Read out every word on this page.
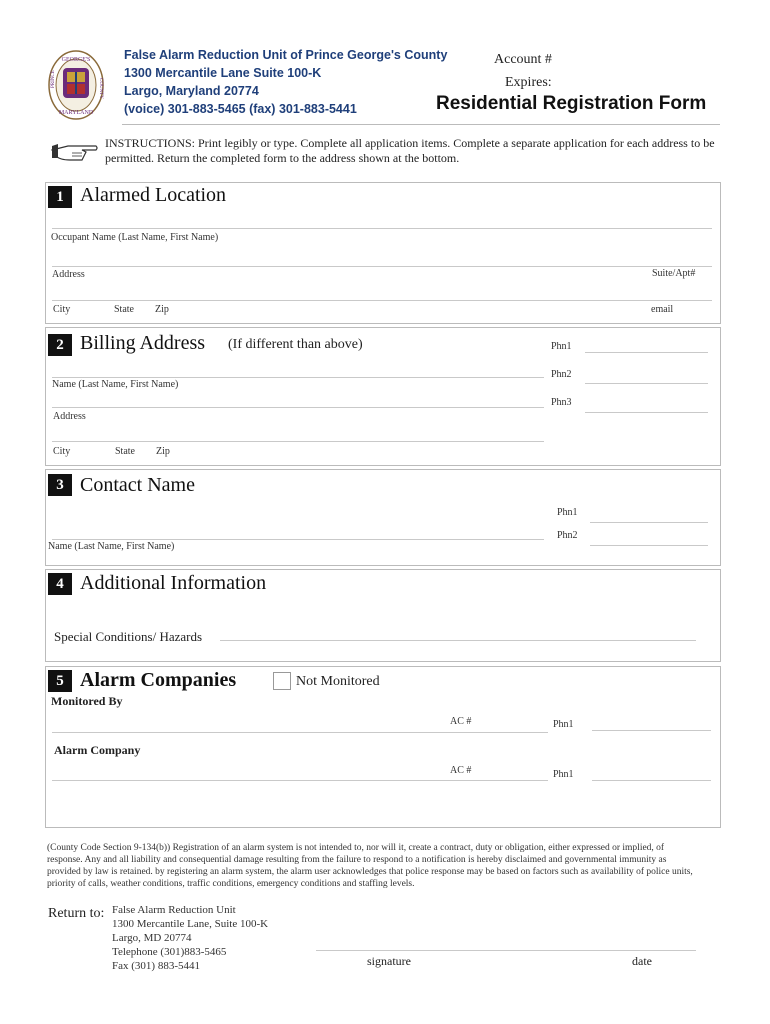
GEORGE'S
MARYLAND
PRINCE	COUNTY
False Alarm Reduction Unit of Prince George's County
1300 Mercantile Lane Suite 100-K
Largo, Maryland 20774
(voice) 301-883-5465 (fax) 301-883-5441
Account #
Expires:
Residential Registration Form
INSTRUCTIONS: Print legibly or type. Complete all application items. Complete a separate application for each address to be permitted. Return the completed form to the address shown at the bottom.
1 Alarmed Location
Occupant Name (Last Name, First Name)
Address	Suite/Apt#
City	State Zip	email
2 Billing Address (If different than above)	Phn1
Phn2
Phn3
Name (Last Name, First Name)
Address
City	State Zip
3 Contact Name
Phn1
Phn2
Name (Last Name, First Name)
4 Additional Information
Special Conditions/ Hazards
5 Alarm Companies	Not Monitored
Monitored By
AC #	Phn1
Alarm Company
AC #	Phn1
(County Code Section 9-134(b)) Registration of an alarm system is not intended to, nor will it, create a contract, duty or obligation, either expressed or implied, of response. Any and all liability and consequential damage resulting from the failure to respond to a notification is hereby disclaimed and governmental immunity as provided by law is retained. by registering an alarm system, the alarm user acknowledges that police response may be based on factors such as availability of police units, priority of calls, weather conditions, traffic conditions, emergency conditions and staffing levels.
Return to: False Alarm Reduction Unit
1300 Mercantile Lane, Suite 100-K
Largo, MD 20774
Telephone (301)883-5465
Fax (301) 883-5441	signature	date
